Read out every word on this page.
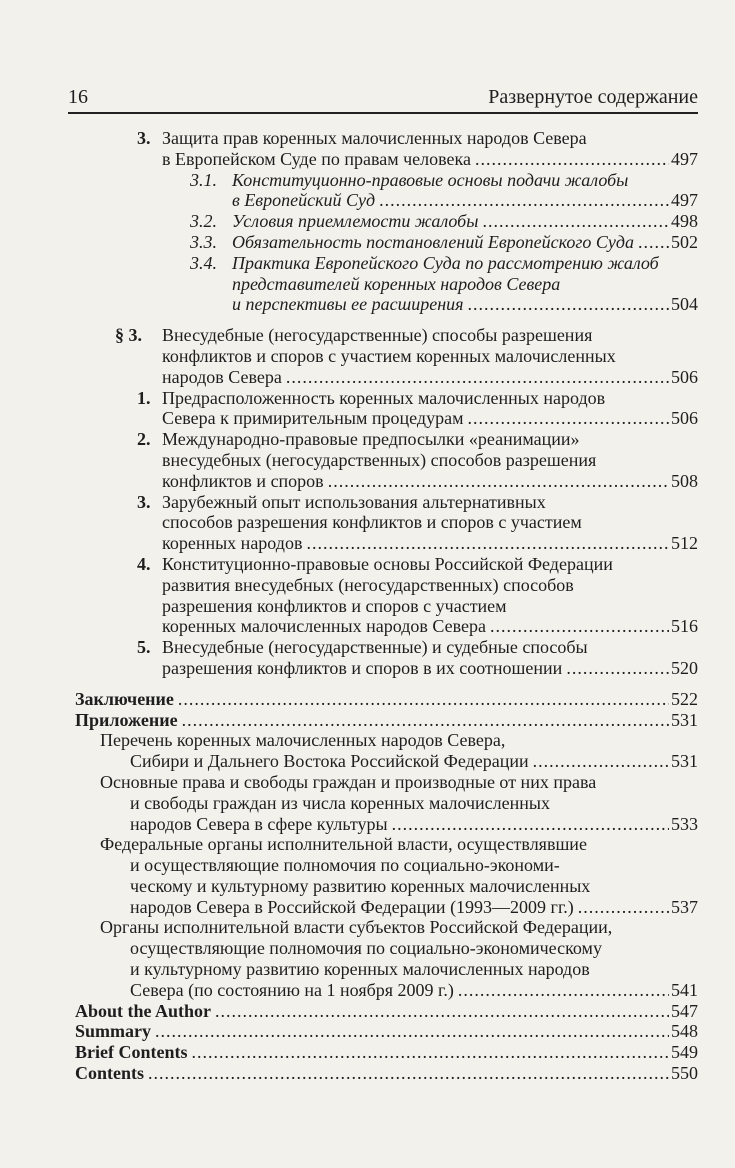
16	Развернутое содержание
3. Защита прав коренных малочисленных народов Севера
в Европейском Суде по правам человека .....	497
3.1. Конституционно-правовые основы подачи жалобы
в Европейский Суд .....	497
3.2. Условия приемлемости жалобы .....	498
3.3. Обязательность постановлений Европейского Суда ..... 502
3.4. Практика Европейского Суда по рассмотрению жалоб
представителей коренных народов Севера
и перспективы ее расширения .....	504
§ 3. Внесудебные (негосударственные) способы разрешения
конфликтов и споров с участием коренных малочисленных
народов Севера .....	506
1. Предрасположенность коренных малочисленных народов
Севера к примирительным процедурам .....	506
2. Международно-правовые предпосылки «реанимации»
внесудебных (негосударственных) способов разрешения
конфликтов и споров .....	508
3. Зарубежный опыт использования альтернативных
способов разрешения конфликтов и споров с участием
коренных народов .....	512
4. Конституционно-правовые основы Российской Федерации
развития внесудебных (негосударственных) способов
разрешения конфликтов и споров с участием
коренных малочисленных народов Севера .....	516
5. Внесудебные (негосударственные) и судебные способы
разрешения конфликтов и споров в их соотношении .....	520
Заключение .....	522
Приложение .....	531
Перечень коренных малочисленных народов Севера,
Сибири и Дальнего Востока Российской Федерации .....	531
Основные права и свободы граждан и производные от них права
и свободы граждан из числа коренных малочисленных
народов Севера в сфере культуры .....	533
Федеральные органы исполнительной власти, осуществлявшие
и осуществляющие полномочия по социально-экономи-
ческому и культурному развитию коренных малочисленных
народов Севера в Российской Федерации (1993—2009 гг.) .....	537
Органы исполнительной власти субъектов Российской Федерации,
осуществляющие полномочия по социально-экономическому
и культурному развитию коренных малочисленных народов
Севера (по состоянию на 1 ноября 2009 г.) .....	541
About the Author .....	547
Summary .....	548
Brief Contents .....	549
Contents .....	550
